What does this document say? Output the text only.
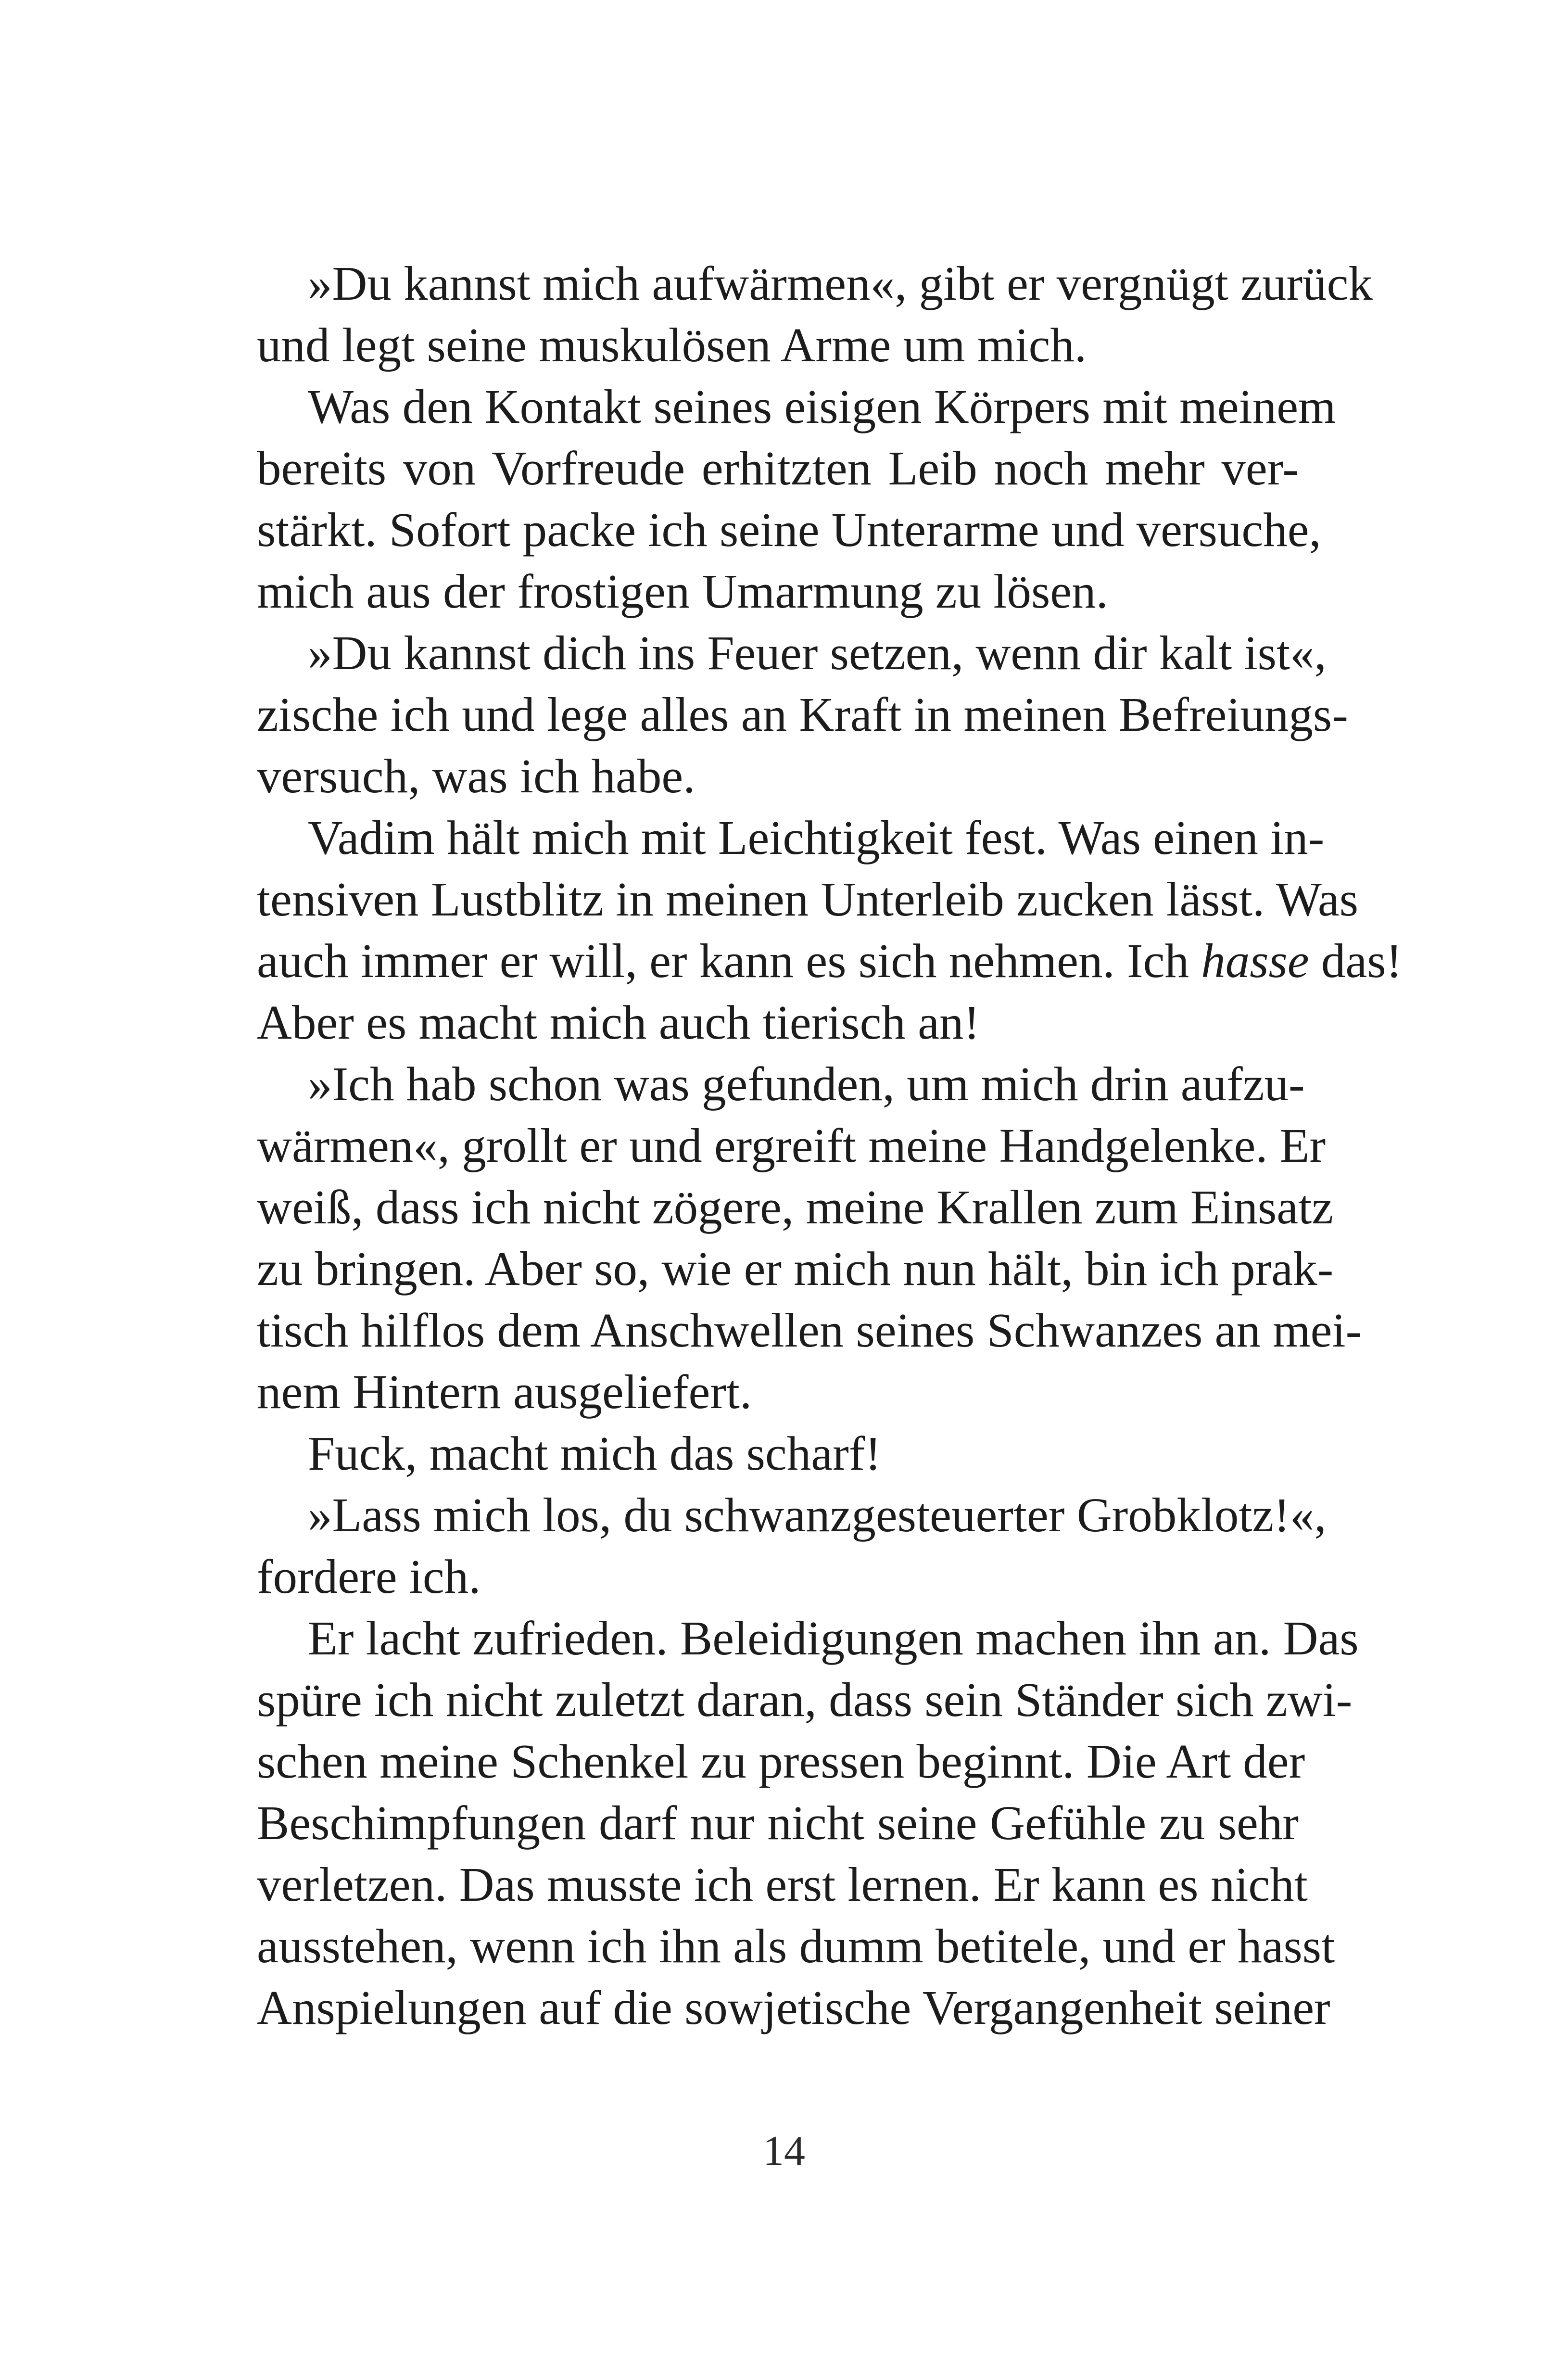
»Du kannst mich aufwärmen«, gibt er vergnügt zurück
und legt seine muskulösen Arme um mich.
Was den Kontakt seines eisigen Körpers mit meinem
bereits von Vorfreude erhitzten Leib noch mehr ver-
stärkt. Sofort packe ich seine Unterarme und versuche,
mich aus der frostigen Umarmung zu lösen.
»Du kannst dich ins Feuer setzen, wenn dir kalt ist«,
zische ich und lege alles an Kraft in meinen Befreiungs-
versuch, was ich habe.
Vadim hält mich mit Leichtigkeit fest. Was einen in-
tensiven Lustblitz in meinen Unterleib zucken lässt. Was
auch immer er will, er kann es sich nehmen. Ich hasse das!
Aber es macht mich auch tierisch an!
»Ich hab schon was gefunden, um mich drin aufzu-
wärmen«, grollt er und ergreift meine Handgelenke. Er
weiß, dass ich nicht zögere, meine Krallen zum Einsatz
zu bringen. Aber so, wie er mich nun hält, bin ich prak-
tisch hilflos dem Anschwellen seines Schwanzes an mei-
nem Hintern ausgeliefert.
Fuck, macht mich das scharf!
»Lass mich los, du schwanzgesteuerter Grobklotz!«,
fordere ich.
Er lacht zufrieden. Beleidigungen machen ihn an. Das
spüre ich nicht zuletzt daran, dass sein Ständer sich zwi-
schen meine Schenkel zu pressen beginnt. Die Art der
Beschimpfungen darf nur nicht seine Gefühle zu sehr
verletzen. Das musste ich erst lernen. Er kann es nicht
ausstehen, wenn ich ihn als dumm betitele, und er hasst
Anspielungen auf die sowjetische Vergangenheit seiner
14
